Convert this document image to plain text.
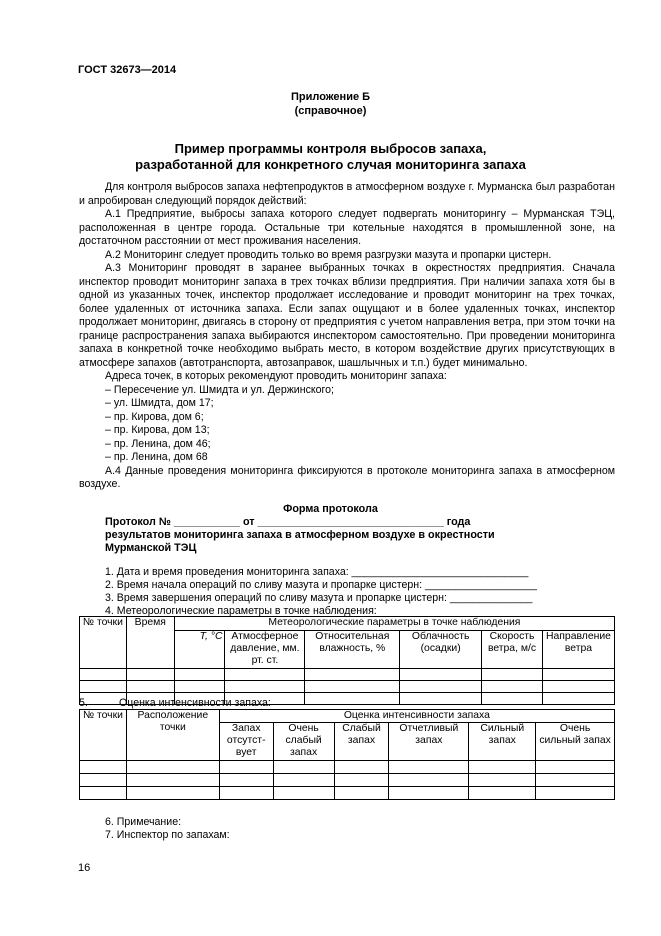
ГОСТ 32673—2014
Приложение Б
(справочное)
Пример программы контроля выбросов запаха,
разработанной для конкретного случая мониторинга запаха

Для контроля выбросов запаха нефтепродуктов в атмосферном воздухе г. Мурманска был разработан и апробирован следующий порядок действий:

А.1 Предприятие, выбросы запаха которого следует подвергать мониторингу – Мурманская ТЭЦ, расположенная в центре города. Остальные три котельные находятся в промышленной зоне, на достаточном расстоянии от мест проживания населения.

А.2 Мониторинг следует проводить только во время разгрузки мазута и пропарки цистерн.

А.3 Мониторинг проводят в заранее выбранных точках в окрестностях предприятия. Сначала инспектор проводит мониторинг запаха в трех точках вблизи предприятия. При наличии запаха хотя бы в одной из указанных точек, инспектор продолжает исследование и проводит мониторинг на трех точках, более удаленных от источника запаха. Если запах ощущают и в более удаленных точках, инспектор продолжает мониторинг, двигаясь в сторону от предприятия с учетом направления ветра, при этом точки на границе распространения запаха выбираются инспектором самостоятельно. При проведении мониторинга запаха в конкретной точке необходимо выбрать место, в котором воздействие других присутствующих в атмосфере запахов (автотранспорта, автозаправок, шашлычных и т.п.) будет минимально.

Адреса точек, в которых рекомендуют проводить мониторинг запаха:

– Пересечение ул. Шмидта и ул. Держинского;

– ул. Шмидта, дом 17;

– пр. Кирова, дом 6;

– пр. Кирова, дом 13;

– пр. Ленина, дом 46;

– пр. Ленина, дом 68

А.4 Данные проведения мониторинга фиксируются в протоколе мониторинга запаха в атмосферном воздухе.

Форма протокола
Протокол № ___________ от _______________________________ года
результатов мониторинга запаха в атмосферном воздухе в окрестности
Мурманской ТЭЦ
1. Дата и время проведения мониторинга запаха: ______________________________
2. Время начала операций по сливу мазута и пропарке цистерн: ___________________
3. Время завершения операций по сливу мазута и пропарке цистерн: ______________
4. Метеорологические параметры в точке наблюдения:
№ точки	Время	Метеорологические параметры в точке наблюдения					
		T, °C	Атмосферное давление, мм. рт. ст.	Относительная влажность, %	Облачность (осадки)	Скорость ветра, м/с	Направление ветра

5.	Оценка интенсивности запаха:
№ точки	Расположение точки	Оценка интенсивности запаха					
		Запах отсутст-вует	Очень слабый запах	Слабый запах	Отчетливый запах	Сильный запах	Очень сильный запах

6. Примечание:
7. Инспектор по запахам:
16
